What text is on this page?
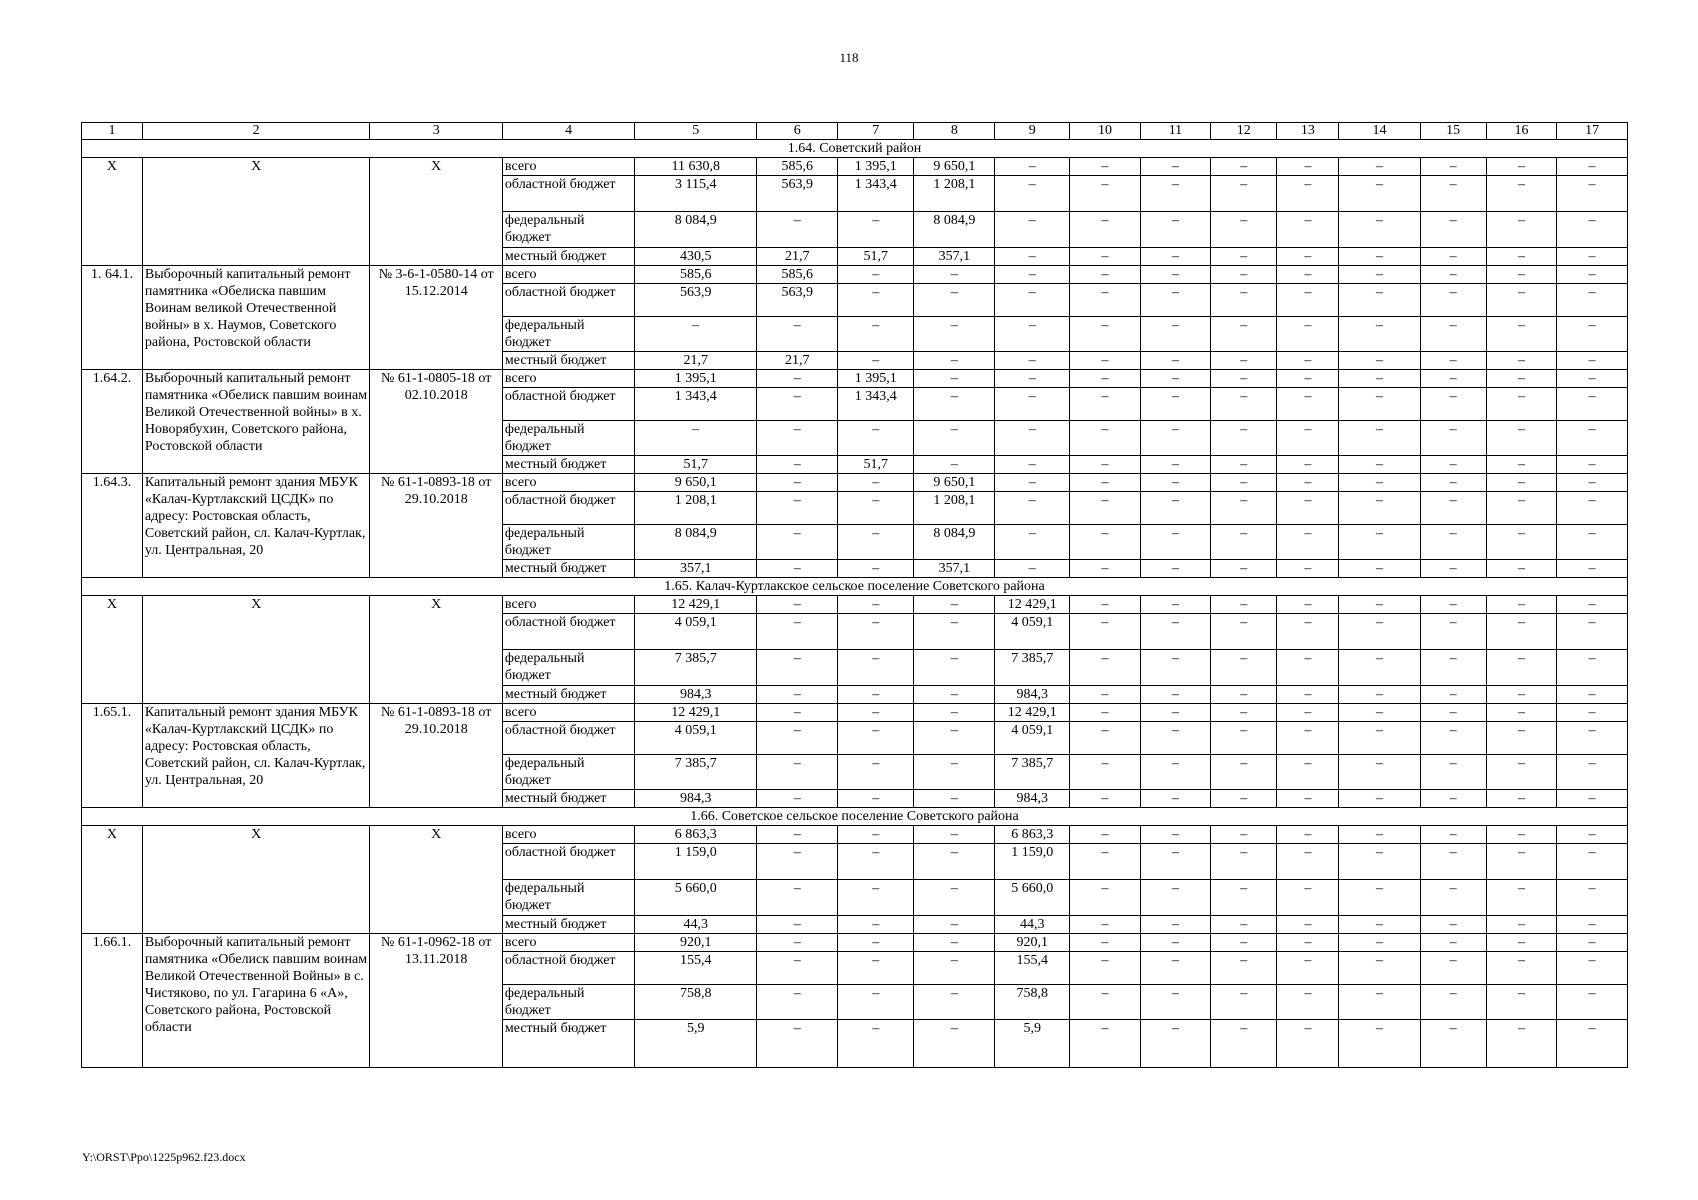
118
1	2	3	4	5	6	7	8	9	10	11	12	13	14	15	16	17
1.64. Советский район																
Х	Х	Х	всего	11 630,8	585,6	1 395,1	9 650,1	–	–	–	–	–	–	–	–	–
			областной бюджет	3 115,4	563,9	1 343,4	1 208,1	–	–	–	–	–	–	–	–	–
			федеральный бюджет	8 084,9	–	–	8 084,9	–	–	–	–	–	–	–	–	–
			местный бюджет	430,5	21,7	51,7	357,1	–	–	–	–	–	–	–	–	–
1. 64.1.	Выборочный капитальный ремонт памятника «Обелиска павшим Воинам великой Отечественной войны» в х. Наумов, Советского района, Ростовской области	№ 3-6-1-0580-14 от 15.12.2014	всего	585,6	585,6	–	–	–	–	–	–	–	–	–	–	–
			областной бюджет	563,9	563,9	–	–	–	–	–	–	–	–	–	–	–
			федеральный бюджет	–	–	–	–	–	–	–	–	–	–	–	–	–
			местный бюджет	21,7	21,7	–	–	–	–	–	–	–	–	–	–	–
1.64.2.	Выборочный капитальный ремонт памятника «Обелиск павшим воинам Великой Отечественной войны» в х. Новорябухин, Советского района, Ростовской области	№ 61-1-0805-18 от 02.10.2018	всего	1 395,1	–	1 395,1	–	–	–	–	–	–	–	–	–	–
			областной бюджет	1 343,4	–	1 343,4	–	–	–	–	–	–	–	–	–	–
			федеральный бюджет	–	–	–	–	–	–	–	–	–	–	–	–	–
			местный бюджет	51,7	–	51,7	–	–	–	–	–	–	–	–	–	–
1.64.3.	Капитальный ремонт здания МБУК «Калач-Куртлакский ЦСДК» по адресу: Ростовская область, Советский район, сл. Калач-Куртлак, ул. Центральная, 20	№ 61-1-0893-18 от 29.10.2018	всего	9 650,1	–	–	9 650,1	–	–	–	–	–	–	–	–	–
			областной бюджет	1 208,1	–	–	1 208,1	–	–	–	–	–	–	–	–	–
			федеральный бюджет	8 084,9	–	–	8 084,9	–	–	–	–	–	–	–	–	–
			местный бюджет	357,1	–	–	357,1	–	–	–	–	–	–	–	–	–
1.65. Калач-Куртлакское сельское поселение Советского района																
Х	Х	Х	всего	12 429,1	–	–	–	12 429,1	–	–	–	–	–	–	–	–
			областной бюджет	4 059,1	–	–	–	4 059,1	–	–	–	–	–	–	–	–
			федеральный бюджет	7 385,7	–	–	–	7 385,7	–	–	–	–	–	–	–	–
			местный бюджет	984,3	–	–	–	984,3	–	–	–	–	–	–	–	–
1.65.1.	Капитальный ремонт здания МБУК «Калач-Куртлакский ЦСДК» по адресу: Ростовская область, Советский район, сл. Калач-Куртлак, ул. Центральная, 20	№ 61-1-0893-18 от 29.10.2018	всего	12 429,1	–	–	–	12 429,1	–	–	–	–	–	–	–	–
			областной бюджет	4 059,1	–	–	–	4 059,1	–	–	–	–	–	–	–	–
			федеральный бюджет	7 385,7	–	–	–	7 385,7	–	–	–	–	–	–	–	–
			местный бюджет	984,3	–	–	–	984,3	–	–	–	–	–	–	–	–
1.66. Советское сельское поселение Советского района																
Х	Х	Х	всего	6 863,3	–	–	–	6 863,3	–	–	–	–	–	–	–	–
			областной бюджет	1 159,0	–	–	–	1 159,0	–	–	–	–	–	–	–	–
			федеральный бюджет	5 660,0	–	–	–	5 660,0	–	–	–	–	–	–	–	–
			местный бюджет	44,3	–	–	–	44,3	–	–	–	–	–	–	–	–
1.66.1.	Выборочный капитальный ремонт памятника «Обелиск павшим воинам Великой Отечественной Войны» в с. Чистяково, по ул. Гагарина 6 «А», Советского района, Ростовской области	№ 61-1-0962-18 от 13.11.2018	всего	920,1	–	–	–	920,1	–	–	–	–	–	–	–	–
			областной бюджет	155,4	–	–	–	155,4	–	–	–	–	–	–	–	–
			федеральный бюджет	758,8	–	–	–	758,8	–	–	–	–	–	–	–	–
			местный бюджет	5,9	–	–	–	5,9	–	–	–	–	–	–	–	–
Y:\ORST\Ppo\1225p962.f23.docx
